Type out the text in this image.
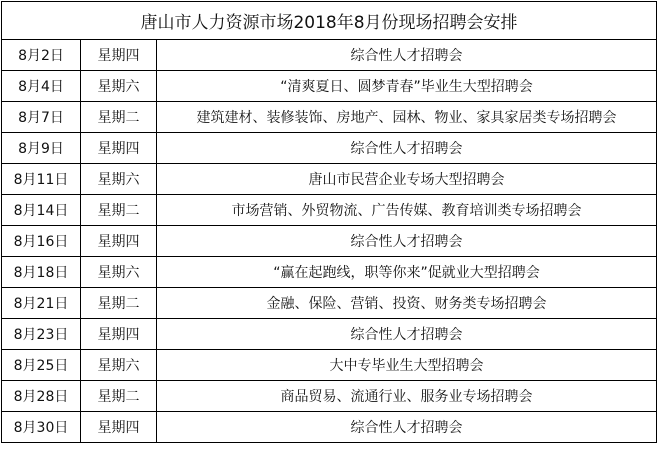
唐山市人力资源市场2018年8月份现场招聘会安排		
8月2日	星期四	综合性人才招聘会
8月4日	星期六	“清爽夏日、圆梦青春”毕业生大型招聘会
8月7日	星期二	建筑建材、装修装饰、房地产、园林、物业、家具家居类专场招聘会
8月9日	星期四	综合性人才招聘会
8月11日	星期六	唐山市民营企业专场大型招聘会
8月14日	星期二	市场营销、外贸物流、广告传媒、教育培训类专场招聘会
8月16日	星期四	综合性人才招聘会
8月18日	星期六	“赢在起跑线，职等你来”促就业大型招聘会
8月21日	星期二	金融、保险、营销、投资、财务类专场招聘会
8月23日	星期四	综合性人才招聘会
8月25日	星期六	大中专毕业生大型招聘会
8月28日	星期二	商品贸易、流通行业、服务业专场招聘会
8月30日	星期四	综合性人才招聘会
